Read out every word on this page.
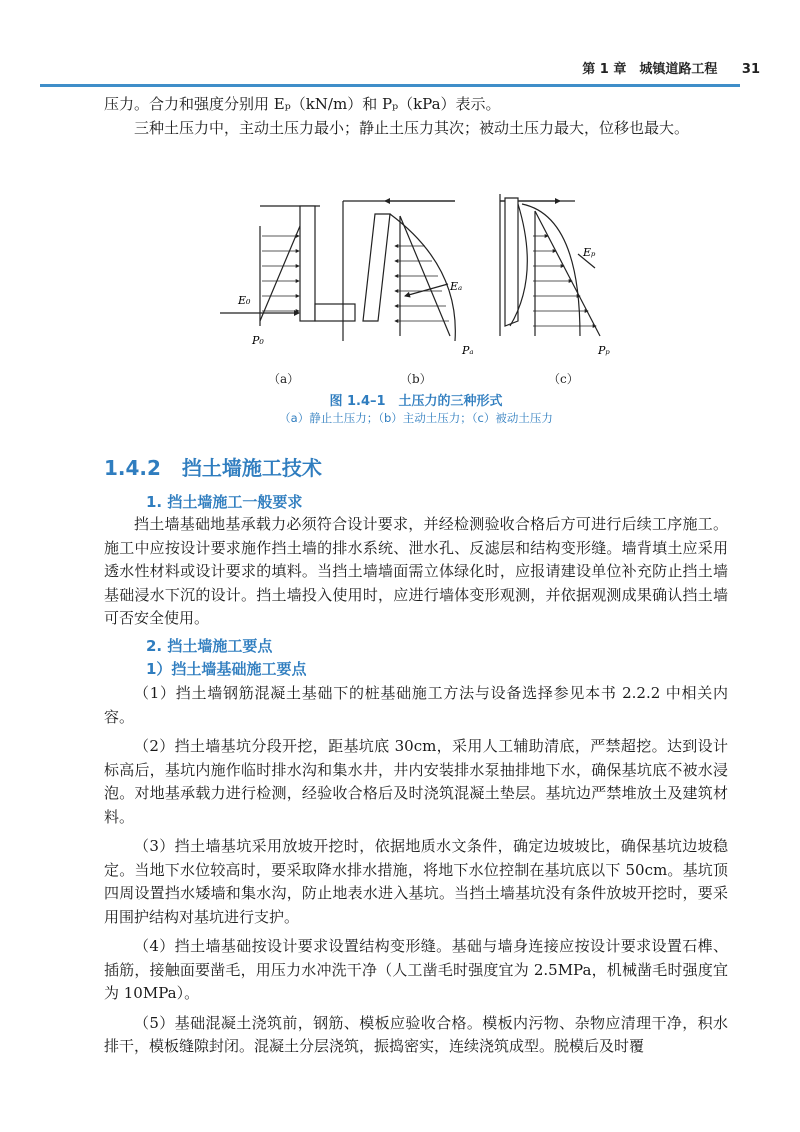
第 1 章　城镇道路工程 31

压力。合力和强度分别用 Eₚ（kN/m）和 Pₚ（kPa）表示。

三种土压力中，主动土压力最小；静止土压力其次；被动土压力最大，位移也最大。

E₀
P₀
Eₐ
Pₐ
Eₚ
Pₚ
（a）	（b）	（c）
图 1.4–1　土压力的三种形式
（a）静止土压力；（b）主动土压力；（c）被动土压力
1.4.2 挡土墙施工技术
1. 挡土墙施工一般要求

挡土墙基础地基承载力必须符合设计要求，并经检测验收合格后方可进行后续工序施工。施工中应按设计要求施作挡土墙的排水系统、泄水孔、反滤层和结构变形缝。墙背填土应采用透水性材料或设计要求的填料。当挡土墙墙面需立体绿化时，应报请建设单位补充防止挡土墙基础浸水下沉的设计。挡土墙投入使用时，应进行墙体变形观测，并依据观测成果确认挡土墙可否安全使用。

2. 挡土墙施工要点
1）挡土墙基础施工要点

（1）挡土墙钢筋混凝土基础下的桩基础施工方法与设备选择参见本书 2.2.2 中相关内容。

（2）挡土墙基坑分段开挖，距基坑底 30cm，采用人工辅助清底，严禁超挖。达到设计标高后，基坑内施作临时排水沟和集水井，井内安装排水泵抽排地下水，确保基坑底不被水浸泡。对地基承载力进行检测，经验收合格后及时浇筑混凝土垫层。基坑边严禁堆放土及建筑材料。

（3）挡土墙基坑采用放坡开挖时，依据地质水文条件，确定边坡坡比，确保基坑边坡稳定。当地下水位较高时，要采取降水排水措施，将地下水位控制在基坑底以下 50cm。基坑顶四周设置挡水矮墙和集水沟，防止地表水进入基坑。当挡土墙基坑没有条件放坡开挖时，要采用围护结构对基坑进行支护。

（4）挡土墙基础按设计要求设置结构变形缝。基础与墙身连接应按设计要求设置石榫、插筋，接触面要凿毛，用压力水冲洗干净（人工凿毛时强度宜为 2.5MPa，机械凿毛时强度宜为 10MPa）。

（5）基础混凝土浇筑前，钢筋、模板应验收合格。模板内污物、杂物应清理干净，积水排干，模板缝隙封闭。混凝土分层浇筑，振捣密实，连续浇筑成型。脱模后及时覆
